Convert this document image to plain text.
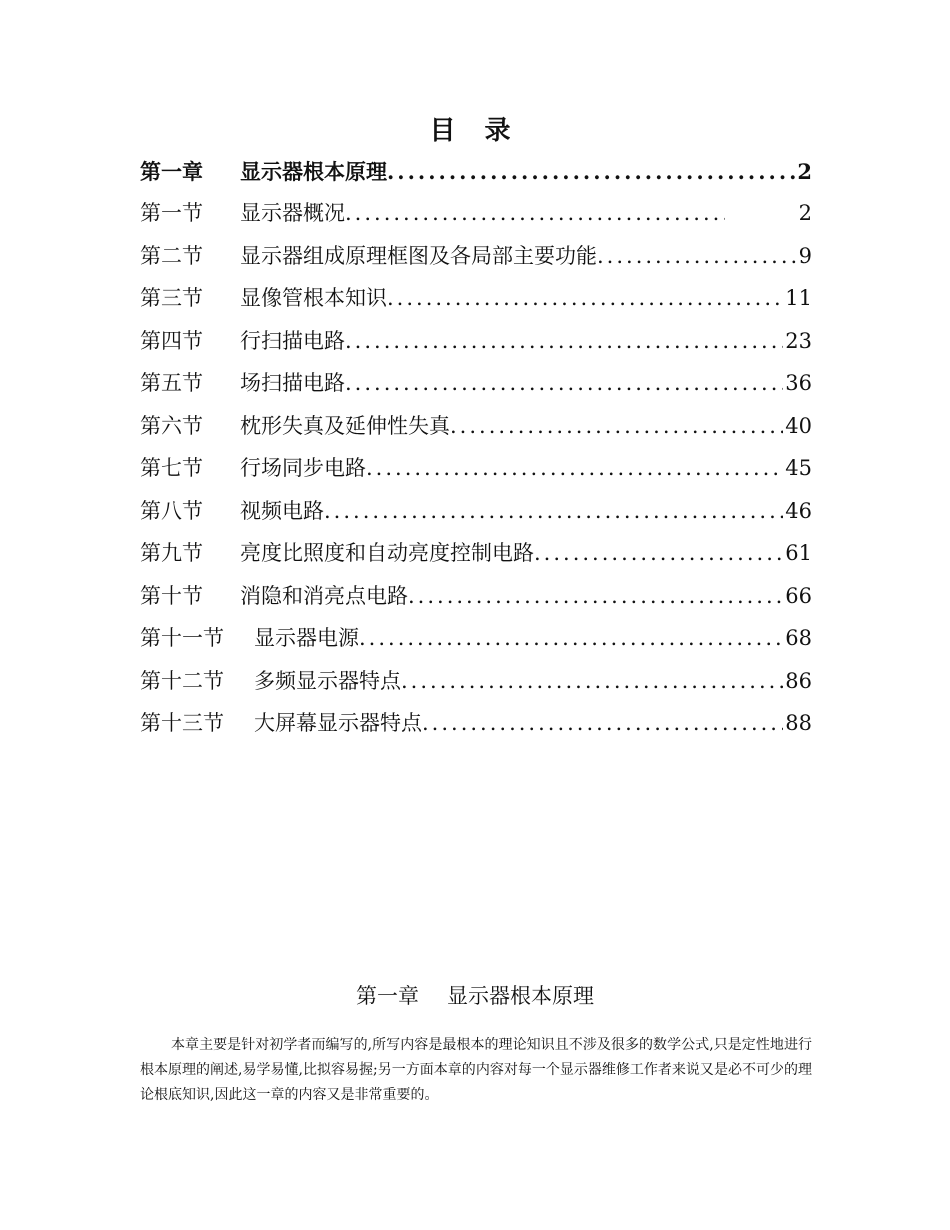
目 录
第一章	显示器根本原理 .....	2
第一节	显示器概况 .....	2
第二节	显示器组成原理框图及各局部主要功能 .....	9
第三节	显像管根本知识 .....	11
第四节	行扫描电路 .....	23
第五节	场扫描电路 .....	36
第六节	枕形失真及延伸性失真 .....	40
第七节	行场同步电路 .....	45
第八节	视频电路 .....	46
第九节	亮度比照度和自动亮度控制电路 .....	61
第十节	消隐和消亮点电路 .....	66
第十一节	显示器电源 .....	68
第十二节	多频显示器特点 .....	86
第十三节	大屏幕显示器特点 .....	88
第一章 显示器根本原理

本章主要是针对初学者而编写的,所写内容是最根本的理论知识且不涉及很多的数学公式,只是定性地进行根本原理的阐述,易学易懂,比拟容易握;另一方面本章的内容对每一个显示器维修工作者来说又是必不可少的理论根底知识,因此这一章的内容又是非常重要的。
